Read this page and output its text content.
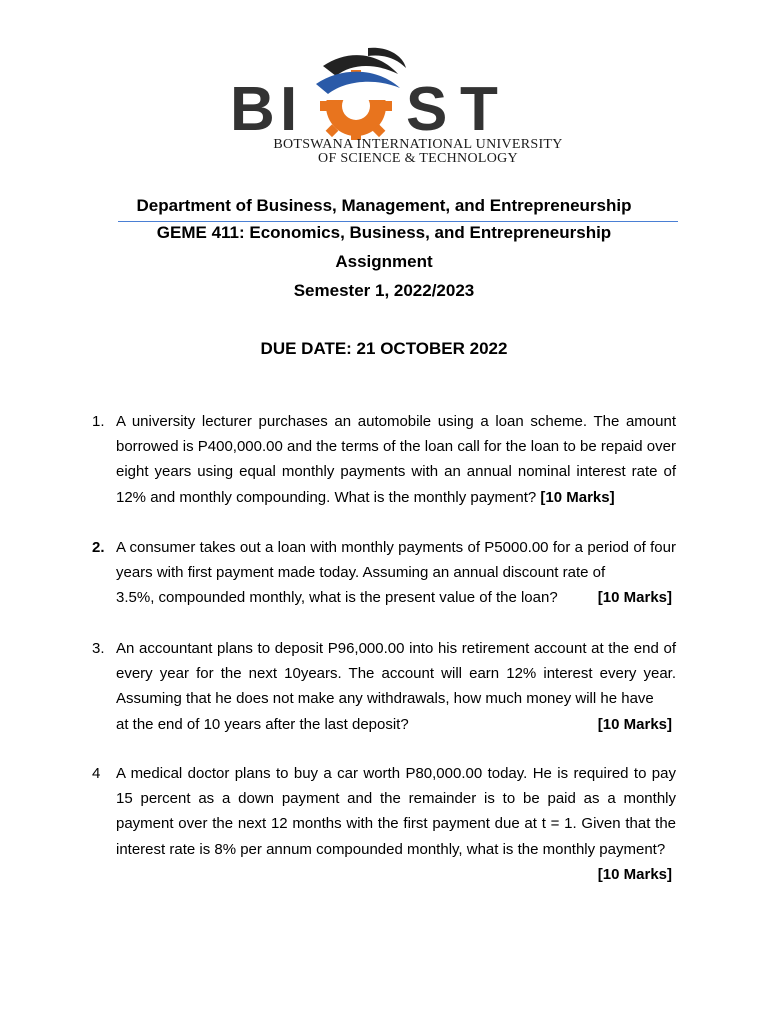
B I S T
BOTSWANA INTERNATIONAL UNIVERSITY
OF SCIENCE & TECHNOLOGY
Department of Business, Management, and Entrepreneurship
GEME 411: Economics, Business, and Entrepreneurship
Assignment
Semester 1, 2022/2023
DUE DATE: 21 OCTOBER 2022
1. A university lecturer purchases an automobile using a loan scheme. The amount borrowed is P400,000.00 and the terms of the loan call for the loan to be repaid over eight years using equal monthly payments with an annual nominal interest rate of 12% and monthly compounding. What is the monthly payment? [10 Marks]
2. A consumer takes out a loan with monthly payments of P5000.00 for a period of four years with first payment made today. Assuming an annual discount rate of
3.5%, compounded monthly, what is the present value of the loan?	[10 Marks]
3. An accountant plans to deposit P96,000.00 into his retirement account at the end of every year for the next 10years. The account will earn 12% interest every year. Assuming that he does not make any withdrawals, how much money will he have
at the end of 10 years after the last deposit?	[10 Marks]
4	A medical doctor plans to buy a car worth P80,000.00 today. He is required to pay 15 percent as a down payment and the remainder is to be paid as a monthly payment over the next 12 months with the first payment due at t = 1. Given that the interest rate is 8% per annum compounded monthly, what is the monthly payment?
[10 Marks]
